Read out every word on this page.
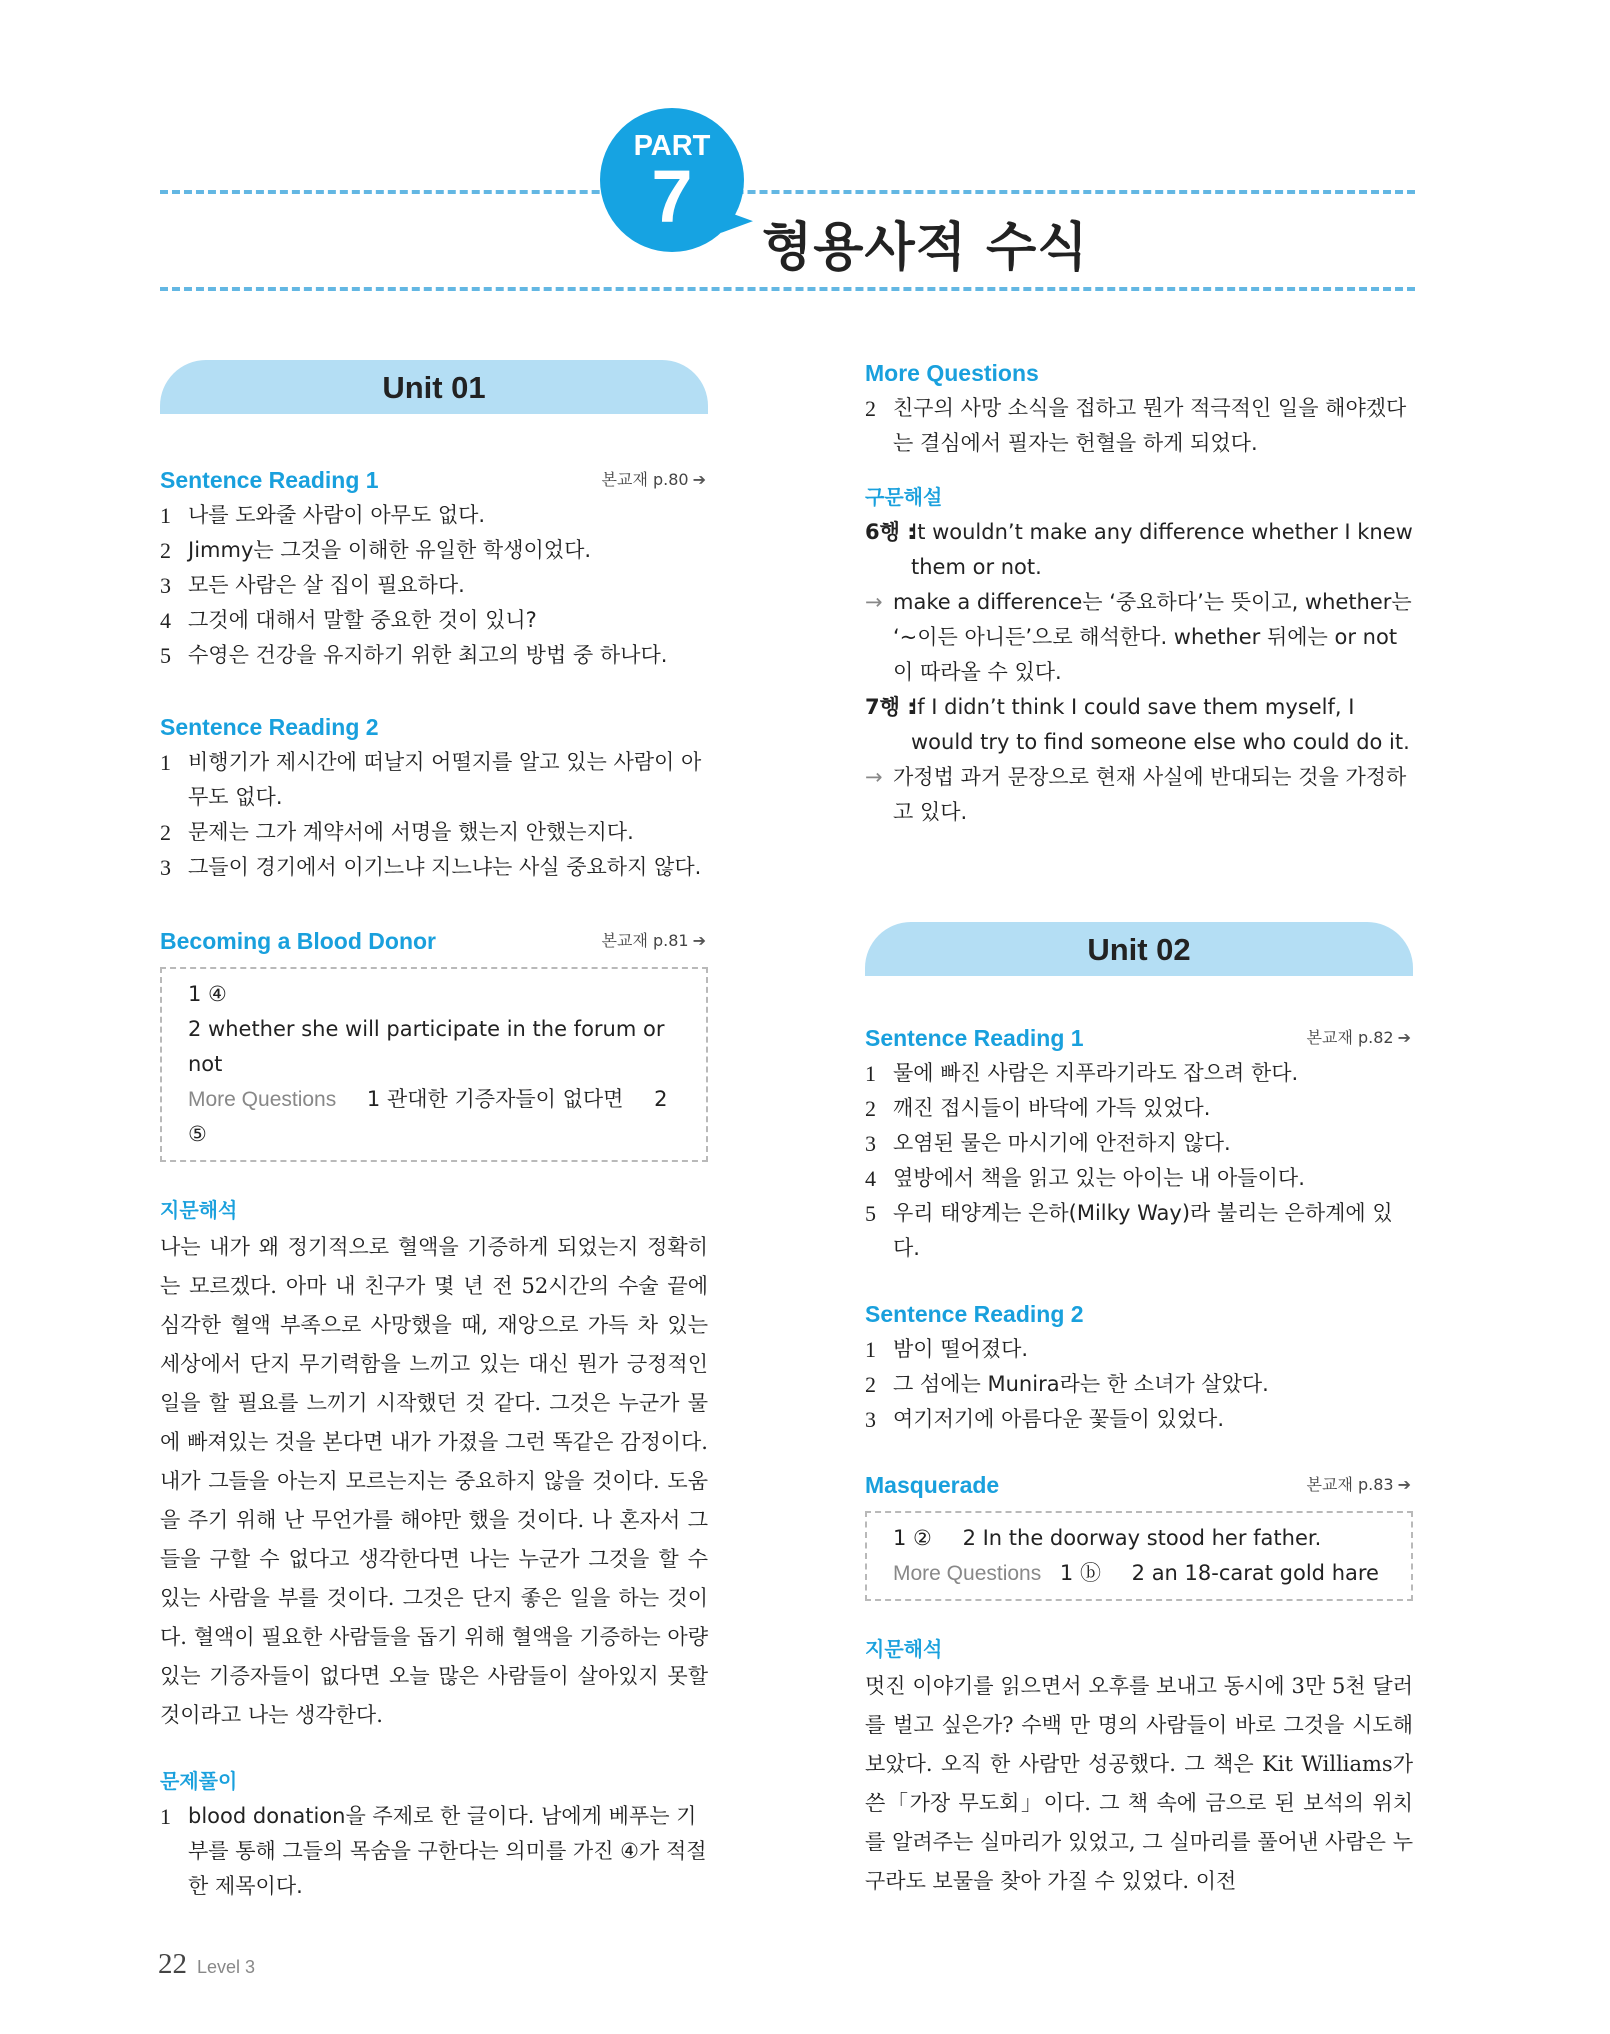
PART
7
형용사적 수식
Unit 01
Sentence Reading 1	본교재 p.80 ➔
1 나를 도와줄 사람이 아무도 없다.
2 Jimmy는 그것을 이해한 유일한 학생이었다.
3 모든 사람은 살 집이 필요하다.
4 그것에 대해서 말할 중요한 것이 있니?
5 수영은 건강을 유지하기 위한 최고의 방법 중 하나다.
Sentence Reading 2
1 비행기가 제시간에 떠날지 어떨지를 알고 있는 사람이 아무도 없다.
2 문제는 그가 계약서에 서명을 했는지 안했는지다.
3 그들이 경기에서 이기느냐 지느냐는 사실 중요하지 않다.
Becoming a Blood Donor	본교재 p.81 ➔
1 ④
2 whether she will participate in the forum or not
More Questions 1 관대한 기증자들이 없다면 2 ⑤
지문해석
나는 내가 왜 정기적으로 혈액을 기증하게 되었는지 정확히는 모르겠다. 아마 내 친구가 몇 년 전 52시간의 수술 끝에 심각한 혈액 부족으로 사망했을 때, 재앙으로 가득 차 있는 세상에서 단지 무기력함을 느끼고 있는 대신 뭔가 긍정적인 일을 할 필요를 느끼기 시작했던 것 같다. 그것은 누군가 물에 빠져있는 것을 본다면 내가 가졌을 그런 똑같은 감정이다. 내가 그들을 아는지 모르는지는 중요하지 않을 것이다. 도움을 주기 위해 난 무언가를 해야만 했을 것이다. 나 혼자서 그들을 구할 수 없다고 생각한다면 나는 누군가 그것을 할 수 있는 사람을 부를 것이다. 그것은 단지 좋은 일을 하는 것이다. 혈액이 필요한 사람들을 돕기 위해 혈액을 기증하는 아량 있는 기증자들이 없다면 오늘 많은 사람들이 살아있지 못할 것이라고 나는 생각한다.
문제풀이
1 blood donation을 주제로 한 글이다. 남에게 베푸는 기부를 통해 그들의 목숨을 구한다는 의미를 가진 ④가 적절한 제목이다.
More Questions
2 친구의 사망 소식을 접하고 뭔가 적극적인 일을 해야겠다는 결심에서 필자는 헌혈을 하게 되었다.
구문해설
6행 :
It wouldn’t make any difference whether I knew them or not.
→ make a difference는 ‘중요하다’는 뜻이고, whether는 ‘~이든 아니든’으로 해석한다. whether 뒤에는 or not이 따라올 수 있다.
7행 :
If I didn’t think I could save them myself, I would try to find someone else who could do it.
→ 가정법 과거 문장으로 현재 사실에 반대되는 것을 가정하고 있다.
Unit 02
Sentence Reading 1	본교재 p.82 ➔
1 물에 빠진 사람은 지푸라기라도 잡으려 한다.
2 깨진 접시들이 바닥에 가득 있었다.
3 오염된 물은 마시기에 안전하지 않다.
4 옆방에서 책을 읽고 있는 아이는 내 아들이다.
5 우리 태양계는 은하(Milky Way)라 불리는 은하계에 있다.
Sentence Reading 2
1 밤이 떨어졌다.
2 그 섬에는 Munira라는 한 소녀가 살았다.
3 여기저기에 아름다운 꽃들이 있었다.
Masquerade	본교재 p.83 ➔
1 ② 2 In the doorway stood her father.
More Questions 1 ⓑ 2 an 18-carat gold hare
지문해석
멋진 이야기를 읽으면서 오후를 보내고 동시에 3만 5천 달러를 벌고 싶은가? 수백 만 명의 사람들이 바로 그것을 시도해 보았다. 오직 한 사람만 성공했다. 그 책은 Kit Williams가 쓴「가장 무도회」이다. 그 책 속에 금으로 된 보석의 위치를 알려주는 실마리가 있었고, 그 실마리를 풀어낸 사람은 누구라도 보물을 찾아 가질 수 있었다. 이전
22 Level 3
